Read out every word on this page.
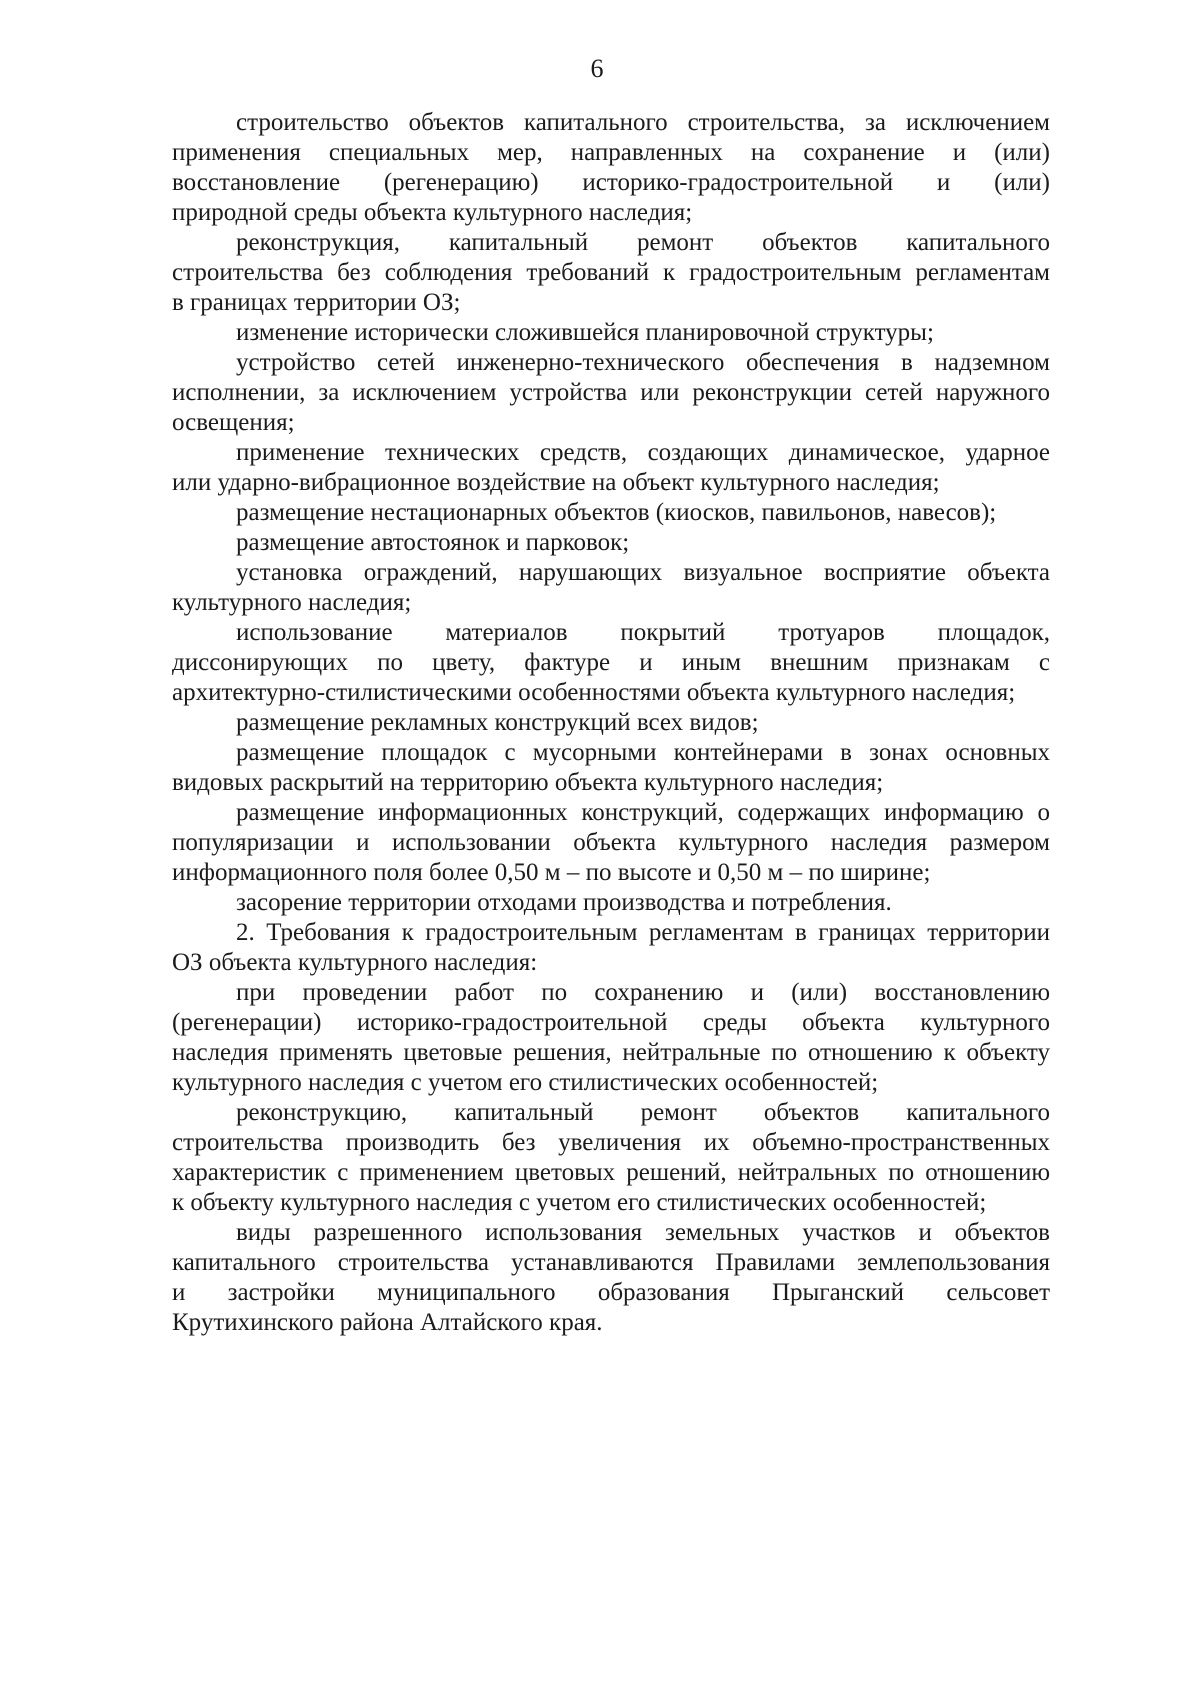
6
строительство объектов капитального строительства, за исключением
применения специальных мер, направленных на сохранение и (или)
восстановление (регенерацию) историко-градостроительной и (или)
природной среды объекта культурного наследия;
реконструкция, капитальный ремонт объектов капитального
строительства без соблюдения требований к градостроительным регламентам
в границах территории ОЗ;
изменение исторически сложившейся планировочной структуры;
устройство сетей инженерно-технического обеспечения в надземном
исполнении, за исключением устройства или реконструкции сетей наружного
освещения;
применение технических средств, создающих динамическое, ударное
или ударно-вибрационное воздействие на объект культурного наследия;
размещение нестационарных объектов (киосков, павильонов, навесов);
размещение автостоянок и парковок;
установка ограждений, нарушающих визуальное восприятие объекта
культурного наследия;
использование материалов покрытий тротуаров площадок,
диссонирующих по цвету, фактуре и иным внешним признакам с
архитектурно-стилистическими особенностями объекта культурного наследия;
размещение рекламных конструкций всех видов;
размещение площадок с мусорными контейнерами в зонах основных
видовых раскрытий на территорию объекта культурного наследия;
размещение информационных конструкций, содержащих информацию о
популяризации и использовании объекта культурного наследия размером
информационного поля более 0,50 м – по высоте и 0,50 м – по ширине;
засорение территории отходами производства и потребления.
2. Требования к градостроительным регламентам в границах территории
ОЗ объекта культурного наследия:
при проведении работ по сохранению и (или) восстановлению
(регенерации) историко-градостроительной среды объекта культурного
наследия применять цветовые решения, нейтральные по отношению к объекту
культурного наследия с учетом его стилистических особенностей;
реконструкцию, капитальный ремонт объектов капитального
строительства производить без увеличения их объемно-пространственных
характеристик с применением цветовых решений, нейтральных по отношению
к объекту культурного наследия с учетом его стилистических особенностей;
виды разрешенного использования земельных участков и объектов
капитального строительства устанавливаются Правилами землепользования
и застройки муниципального образования Прыганский сельсовет
Крутихинского района Алтайского края.
